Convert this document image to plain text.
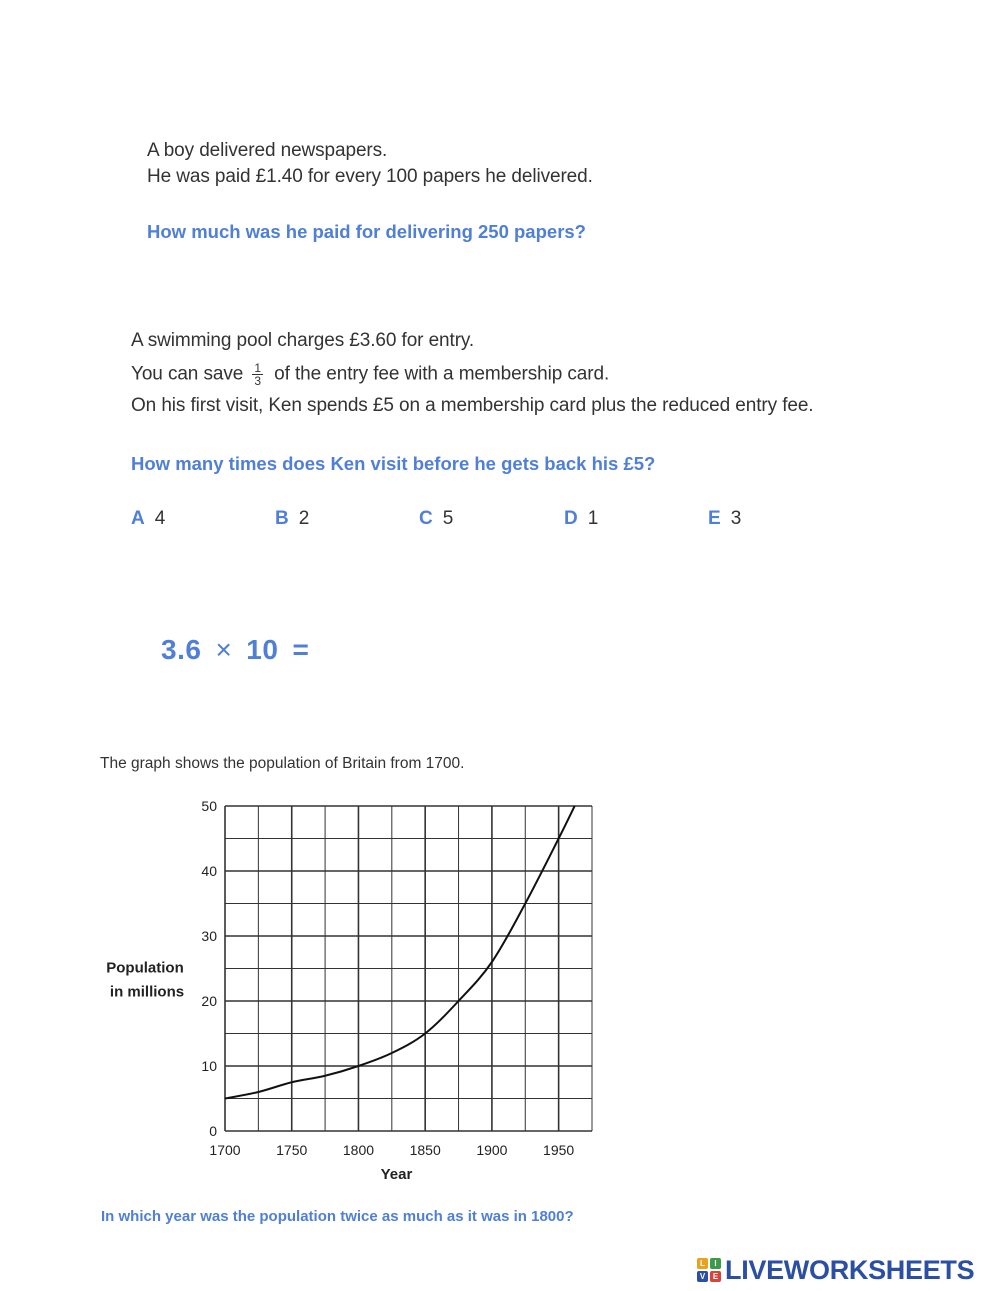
A boy delivered newspapers.
He was paid £1.40 for every 100 papers he delivered.
How much was he paid for delivering 250 papers?
A swimming pool charges £3.60 for entry.
You can save $\frac{1}{3}$ of the entry fee with a membership card.
On his first visit, Ken spends £5 on a membership card plus the reduced entry fee.
How many times does Ken visit before he gets back his £5?
A 4	B 2	C 5	D 1	E 3
3.6 × 10 =
The graph shows the population of Britain from 1700.
0
10
20
30
40
50
1700	1750	1800	1850	1900	1950
Population
in millions
Year
In which year was the population twice as much as it was in 1800?
L	I
V E LIVEWORKSHEETS
